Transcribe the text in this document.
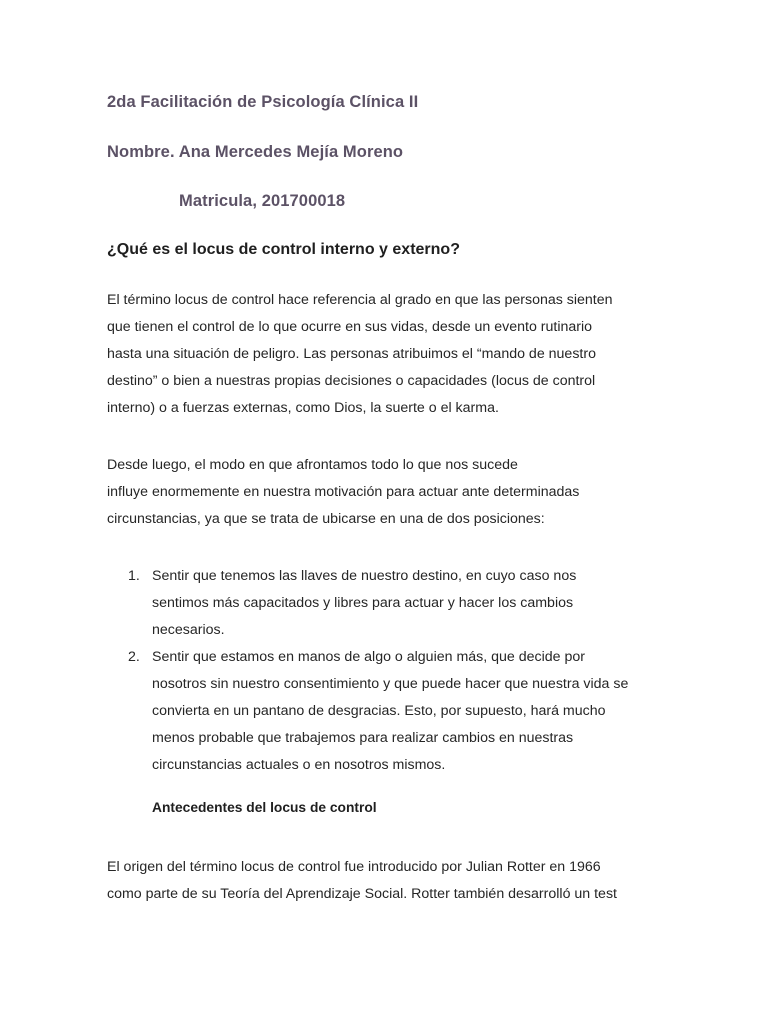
2da Facilitación de Psicología Clínica II
Nombre. Ana Mercedes Mejía Moreno
Matricula, 201700018
¿Qué es el locus de control interno y externo?

El término locus de control hace referencia al grado en que las personas sienten
que tienen el control de lo que ocurre en sus vidas, desde un evento rutinario
hasta una situación de peligro. Las personas atribuimos el “mando de nuestro
destino” o bien a nuestras propias decisiones o capacidades (locus de control
interno) o a fuerzas externas, como Dios, la suerte o el karma.

Desde luego, el modo en que afrontamos todo lo que nos sucede
influye enormemente en nuestra motivación para actuar ante determinadas
circunstancias, ya que se trata de ubicarse en una de dos posiciones:

1. Sentir que tenemos las llaves de nuestro destino, en cuyo caso nos
sentimos más capacitados y libres para actuar y hacer los cambios
necesarios.
2. Sentir que estamos en manos de algo o alguien más, que decide por
nosotros sin nuestro consentimiento y que puede hacer que nuestra vida se
convierta en un pantano de desgracias. Esto, por supuesto, hará mucho
menos probable que trabajemos para realizar cambios en nuestras
circunstancias actuales o en nosotros mismos.
Antecedentes del locus de control

El origen del término locus de control fue introducido por Julian Rotter en 1966
como parte de su Teoría del Aprendizaje Social. Rotter también desarrolló un test
